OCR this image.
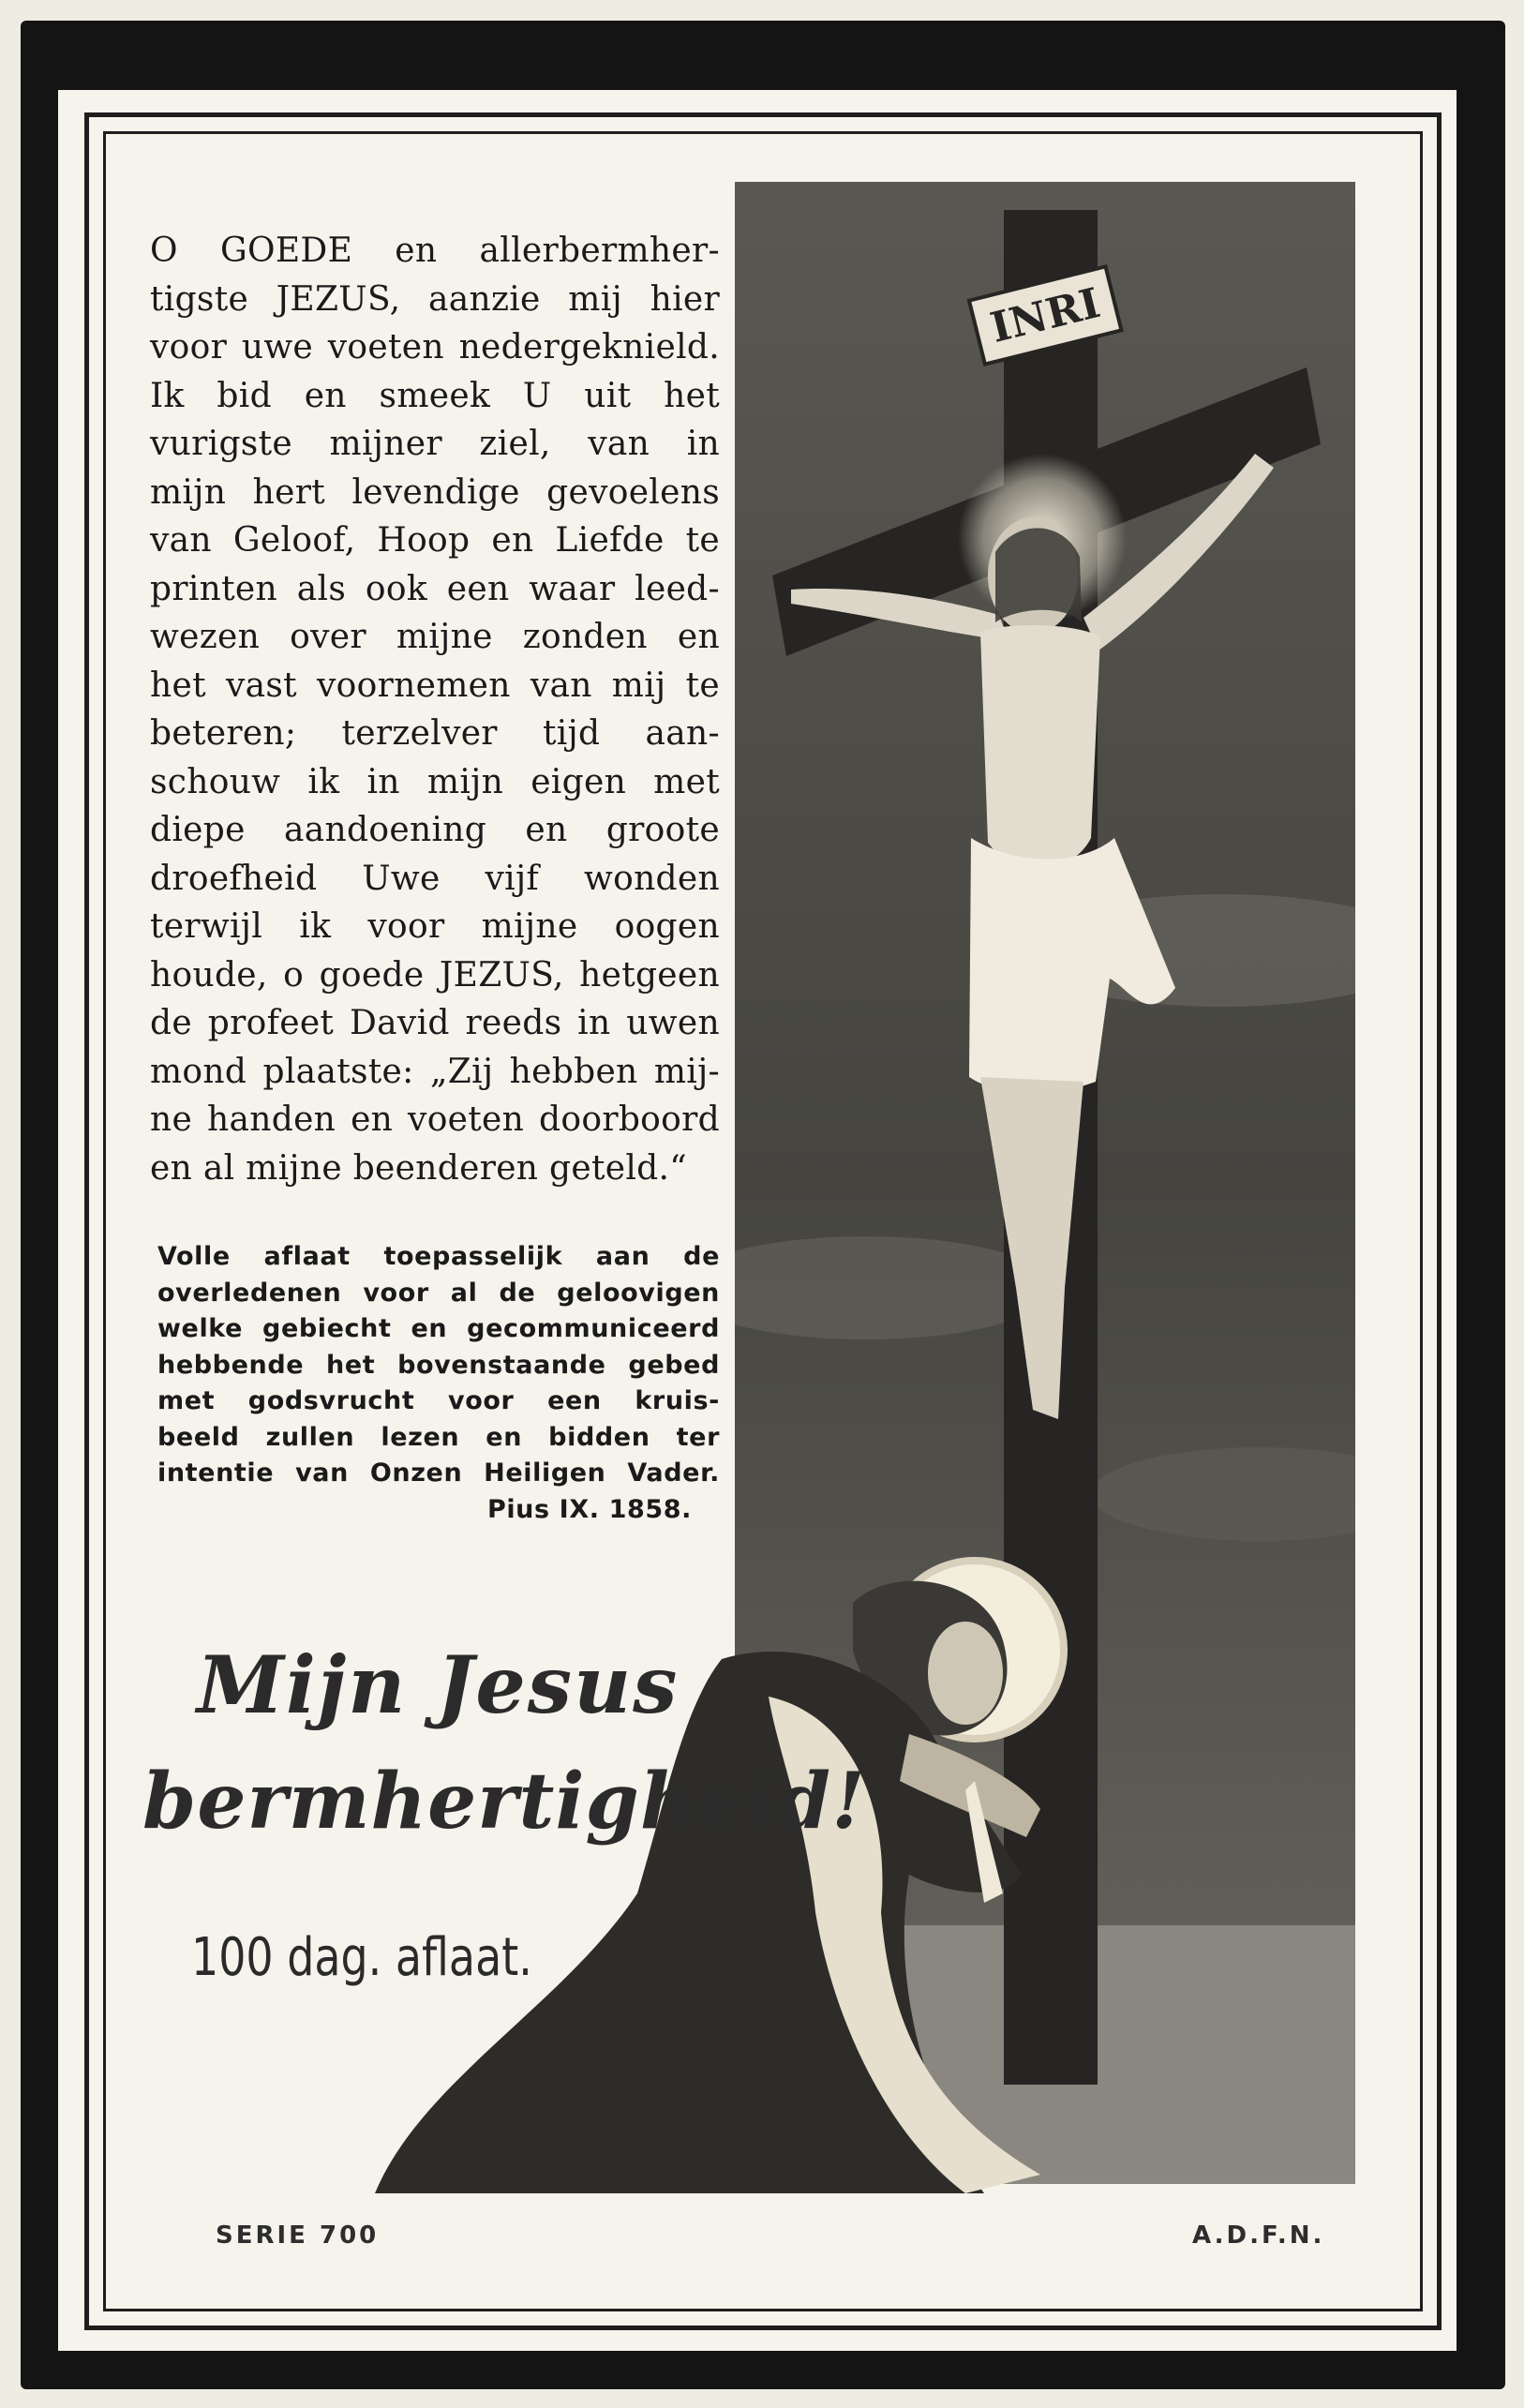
INRI
O GOEDE en allerbermher-
tigste JEZUS, aanzie mij hier
voor uwe voeten nedergeknield.
Ik bid en smeek U uit het
vurigste mijner ziel, van in
mijn hert levendige gevoelens
van Geloof, Hoop en Liefde te
printen als ook een waar leed-
wezen over mijne zonden en
het vast voornemen van mij te
beteren; terzelver tijd aan-
schouw ik in mijn eigen met
diepe aandoening en groote
droefheid Uwe vijf wonden
terwijl ik voor mijne oogen
houde, o goede JEZUS, hetgeen
de profeet David reeds in uwen
mond plaatste: „Zij hebben mij-
ne handen en voeten doorboord
en al mijne beenderen geteld.“
Volle aflaat toepasselijk aan de
overledenen voor al de geloovigen
welke gebiecht en gecommuniceerd
hebbende het bovenstaande gebed
met godsvrucht voor een kruis-
beeld zullen lezen en bidden ter
intentie van Onzen Heiligen Vader.
Pius IX. 1858.
Mijn Jesus
bermhertigheid!
100 dag. aflaat.
SERIE 700	A.D.F.N.
